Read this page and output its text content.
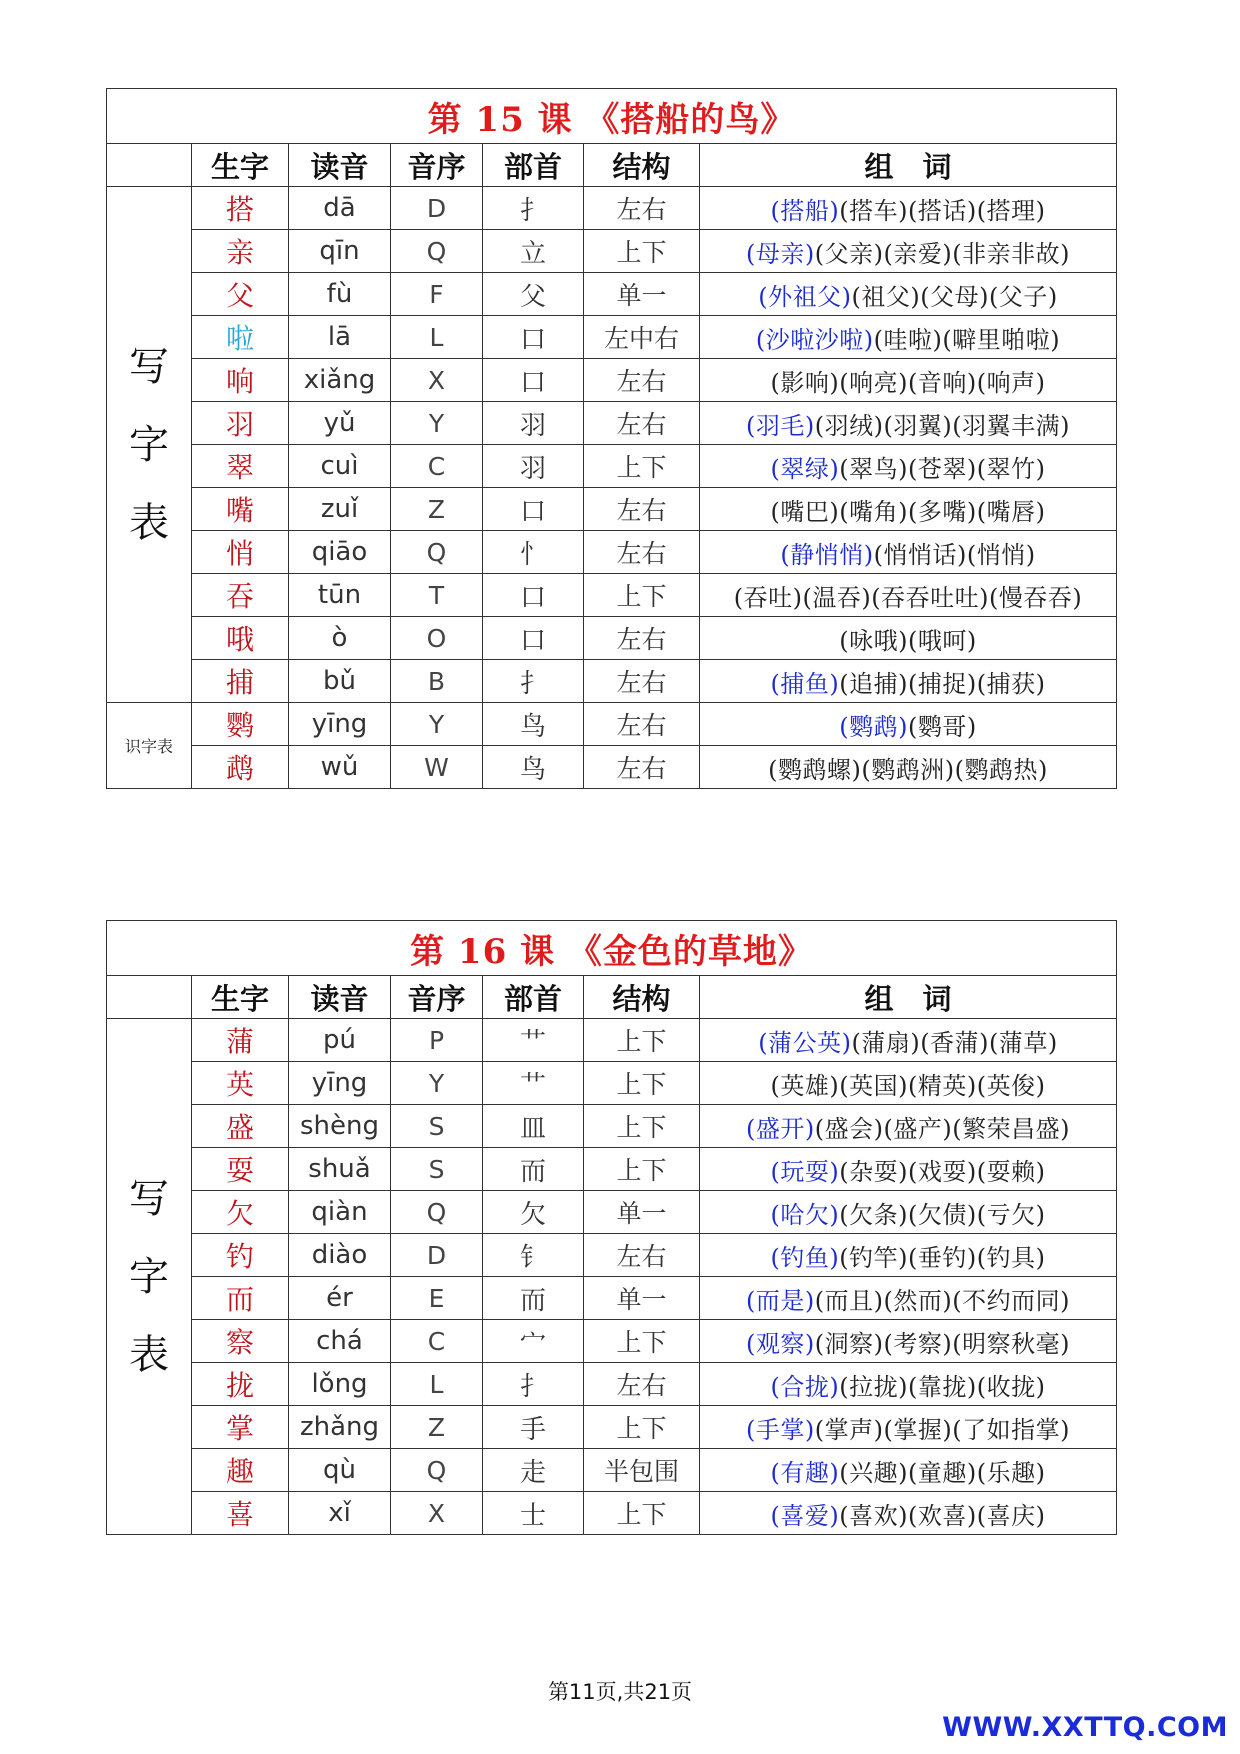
第 15 课 《搭船的鸟》						
	生字	读音	音序	部首	结构	组　词
写字表	搭	dā	D	扌	左右	(搭船)(搭车)(搭话)(搭理)
	亲	qīn	Q	立	上下	(母亲)(父亲)(亲爱)(非亲非故)
	父	fù	F	父	单一	(外祖父)(祖父)(父母)(父子)
	啦	lā	L	口	左中右	(沙啦沙啦)(哇啦)(噼里啪啦)
	响	xiǎng	X	口	左右	(影响)(响亮)(音响)(响声)
	羽	yǔ	Y	羽	左右	(羽毛)(羽绒)(羽翼)(羽翼丰满)
	翠	cuì	C	羽	上下	(翠绿)(翠鸟)(苍翠)(翠竹)
	嘴	zuǐ	Z	口	左右	(嘴巴)(嘴角)(多嘴)(嘴唇)
	悄	qiāo	Q	忄	左右	(静悄悄)(悄悄话)(悄悄)
	吞	tūn	T	口	上下	(吞吐)(温吞)(吞吞吐吐)(慢吞吞)
	哦	ò	O	口	左右	(咏哦)(哦呵)
	捕	bǔ	B	扌	左右	(捕鱼)(追捕)(捕捉)(捕获)
识字表	鹦	yīng	Y	鸟	左右	(鹦鹉)(鹦哥)
	鹉	wǔ	W	鸟	左右	(鹦鹉螺)(鹦鹉洲)(鹦鹉热)
第 16 课 《金色的草地》						
	生字	读音	音序	部首	结构	组　词
写字表	蒲	pú	P	艹	上下	(蒲公英)(蒲扇)(香蒲)(蒲草)
	英	yīng	Y	艹	上下	(英雄)(英国)(精英)(英俊)
	盛	shèng	S	皿	上下	(盛开)(盛会)(盛产)(繁荣昌盛)
	耍	shuǎ	S	而	上下	(玩耍)(杂耍)(戏耍)(耍赖)
	欠	qiàn	Q	欠	单一	(哈欠)(欠条)(欠债)(亏欠)
	钓	diào	D	钅	左右	(钓鱼)(钓竿)(垂钓)(钓具)
	而	ér	E	而	单一	(而是)(而且)(然而)(不约而同)
	察	chá	C	宀	上下	(观察)(洞察)(考察)(明察秋毫)
	拢	lǒng	L	扌	左右	(合拢)(拉拢)(靠拢)(收拢)
	掌	zhǎng	Z	手	上下	(手掌)(掌声)(掌握)(了如指掌)
	趣	qù	Q	走	半包围	(有趣)(兴趣)(童趣)(乐趣)
	喜	xǐ	X	士	上下	(喜爱)(喜欢)(欢喜)(喜庆)
第11页,共21页
WWW.XXTTQ.COM
